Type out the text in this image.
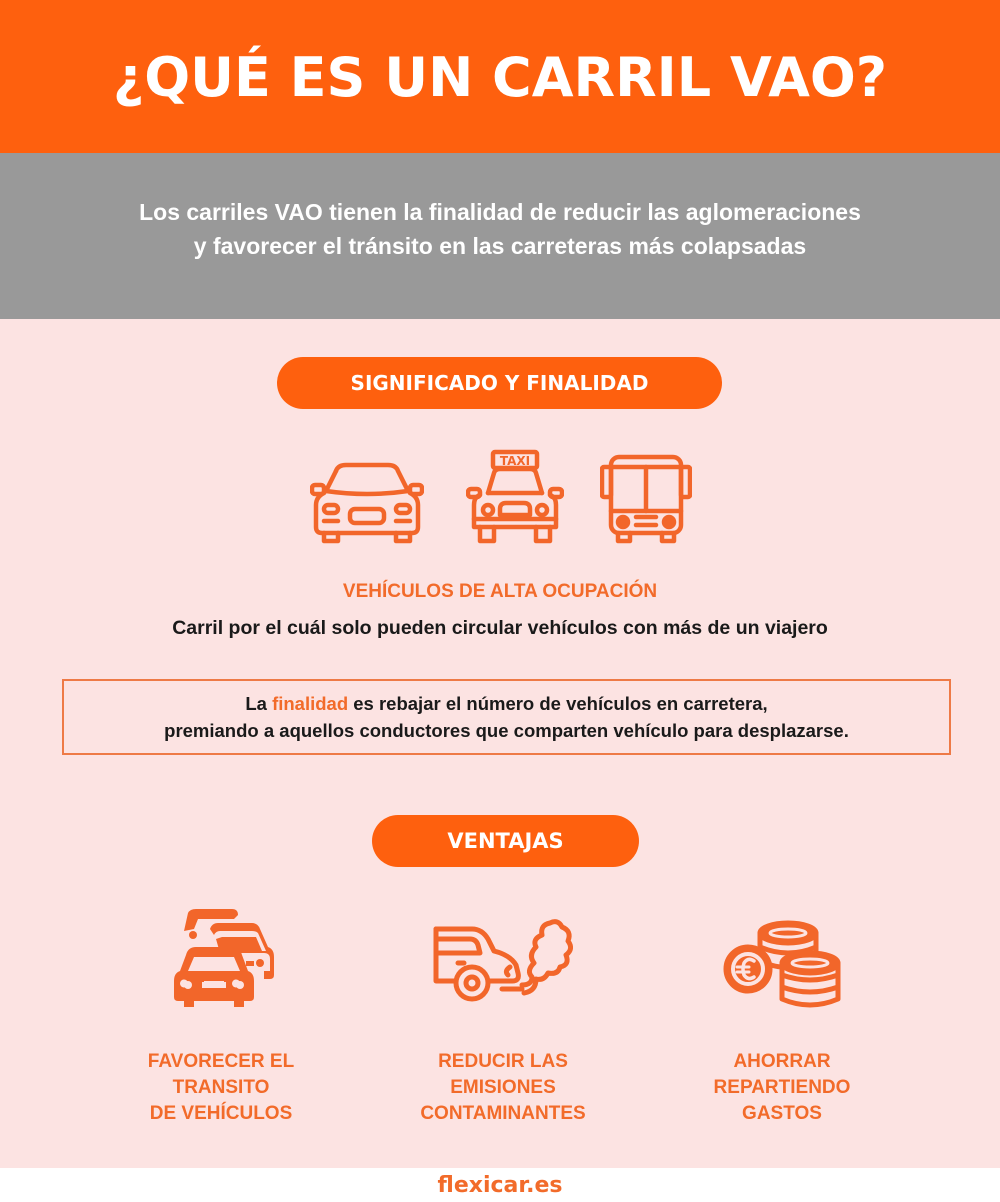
¿QUÉ ES UN CARRIL VAO?

Los carriles VAO tienen la finalidad de reducir las aglomeraciones
y favorecer el tránsito en las carreteras más colapsadas

SIGNIFICADO Y FINALIDAD
TAXI
VEHÍCULOS DE ALTA OCUPACIÓN
Carril por el cuál solo pueden circular vehículos con más de un viajero
La finalidad es rebajar el número de vehículos en carretera,
premiando a aquellos conductores que comparten vehículo para desplazarse.
VENTAJAS
FAVORECER EL
TRANSITO
DE VEHÍCULOS
REDUCIR LAS
EMISIONES
CONTAMINANTES
AHORRAR
REPARTIENDO
GASTOS
flexicar.es
